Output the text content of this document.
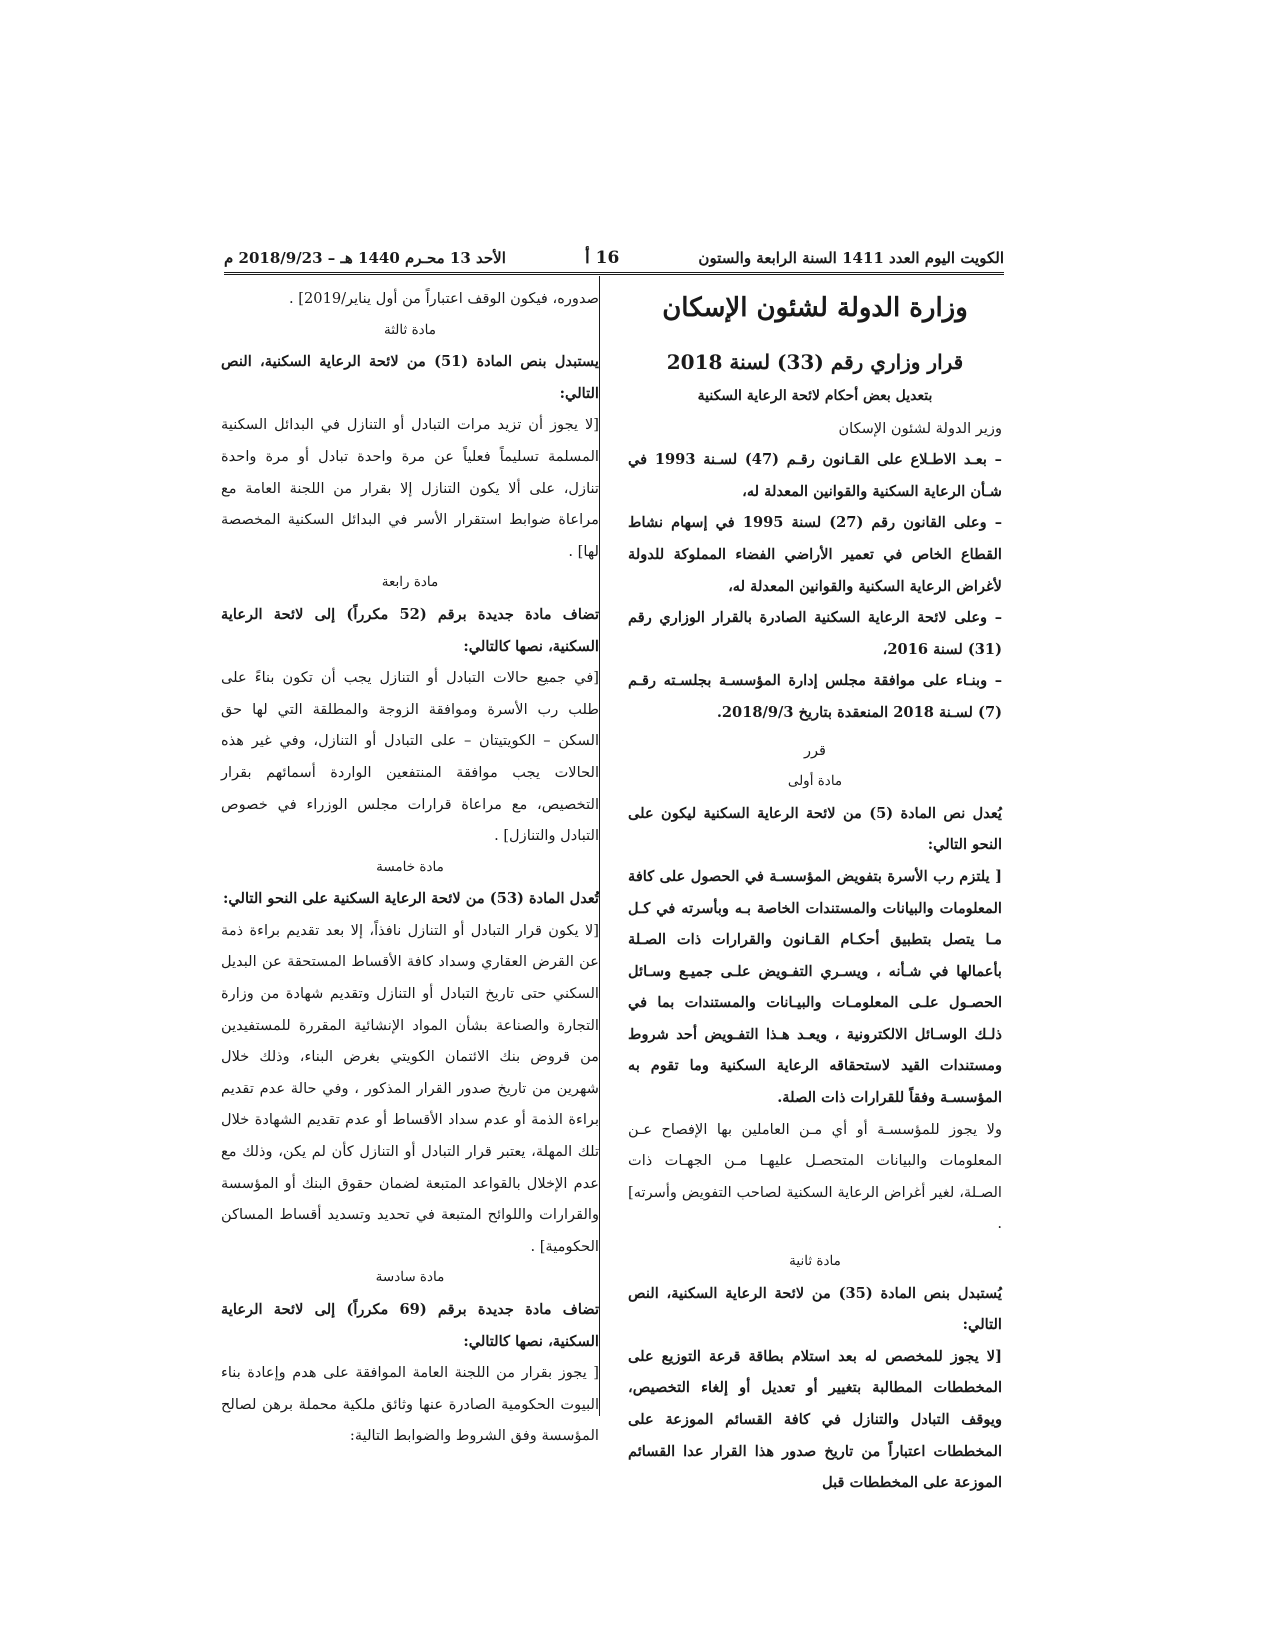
الكويت اليوم العدد 1411 السنة الرابعة والستون
16 أ
الأحد 13 محـرم 1440 هـ – 2018/9/23 م

وزارة الدولة لشئون الإسكان

قرار وزاري رقم (33) لسنة 2018

بتعديل بعض أحكام لائحة الرعاية السكنية

وزير الدولة لشئون الإسكان

– بعـد الاطـلاع على القـانون رقـم (47) لسـنة 1993 في شـأن الرعاية السكنية والقوانين المعدلة له،

– وعلى القانون رقم (27) لسنة 1995 في إسهام نشاط القطاع الخاص في تعمير الأراضي الفضاء المملوكة للدولة لأغراض الرعاية السكنية والقوانين المعدلة له،

– وعلى لائحة الرعاية السكنية الصادرة بالقرار الوزاري رقم (31) لسنة 2016،

– وبنـاء على موافقة مجلس إدارة المؤسسـة بجلسـته رقـم (7) لسـنة 2018 المنعقدة بتاريخ 2018/9/3.

قرر

مادة أولى

يُعدل نص المادة (5) من لائحة الرعاية السكنية ليكون على النحو التالي:

[ يلتزم رب الأسرة بتفويض المؤسسـة في الحصول على كافة المعلومات والبيانات والمستندات الخاصة بـه وبأسرته في كـل مـا يتصل بتطبيق أحكـام القـانون والقرارات ذات الصـلة بأعمالها في شـأنه ، ويسـري التفـويض علـى جميـع وسـائل الحصـول علـى المعلومـات والبيـانات والمستندات بما في ذلـك الوسـائل الالكترونية ، ويعـد هـذا التفـويض أحد شروط ومستندات القيد لاستحقاقه الرعاية السكنية وما تقوم به المؤسسـة وفقاً للقرارات ذات الصلة.

ولا يجوز للمؤسسـة أو أي مـن العاملين بها الإفصاح عـن المعلومات والبيانات المتحصـل عليهـا مـن الجهـات ذات الصـلة، لغير أغراض الرعاية السكنية لصاحب التفويض وأسرته] .

مادة ثانية

يُستبدل بنص المادة (35) من لائحة الرعاية السكنية، النص التالي:

[لا يجوز للمخصص له بعد استلام بطاقة قرعة التوزيع على المخططات المطالبة بتغيير أو تعديل أو إلغاء التخصيص، ويوقف التبادل والتنازل في كافة القسائم الموزعة على المخططات اعتباراً من تاريخ صدور هذا القرار عدا القسائم الموزعة على المخططات قبل

صدوره، فيكون الوقف اعتباراً من أول يناير/2019] .

مادة ثالثة

يستبدل بنص المادة (51) من لائحة الرعاية السكنية، النص التالي:

[لا يجوز أن تزيد مرات التبادل أو التنازل في البدائل السكنية المسلمة تسليماً فعلياً عن مرة واحدة تبادل أو مرة واحدة تنازل، على ألا يكون التنازل إلا بقرار من اللجنة العامة مع مراعاة ضوابط استقرار الأسر في البدائل السكنية المخصصة لها] .

مادة رابعة

تضاف مادة جديدة برقم (52 مكرراً) إلى لائحة الرعاية السكنية، نصها كالتالي:

[في جميع حالات التبادل أو التنازل يجب أن تكون بناءً على طلب رب الأسرة وموافقة الزوجة والمطلقة التي لها حق السكن – الكويتيتان – على التبادل أو التنازل، وفي غير هذه الحالات يجب موافقة المنتفعين الواردة أسمائهم بقرار التخصيص، مع مراعاة قرارات مجلس الوزراء في خصوص التبادل والتنازل] .

مادة خامسة

تُعدل المادة (53) من لائحة الرعاية السكنية على النحو التالي:

[لا يكون قرار التبادل أو التنازل نافذاً، إلا بعد تقديم براءة ذمة عن القرض العقاري وسداد كافة الأقساط المستحقة عن البديل السكني حتى تاريخ التبادل أو التنازل وتقديم شهادة من وزارة التجارة والصناعة بشأن المواد الإنشائية المقررة للمستفيدين من قروض بنك الائتمان الكويتي بغرض البناء، وذلك خلال شهرين من تاريخ صدور القرار المذكور ، وفي حالة عدم تقديم براءة الذمة أو عدم سداد الأقساط أو عدم تقديم الشهادة خلال تلك المهلة، يعتبر قرار التبادل أو التنازل كأن لم يكن، وذلك مع عدم الإخلال بالقواعد المتبعة لضمان حقوق البنك أو المؤسسة والقرارات واللوائح المتبعة في تحديد وتسديد أقساط المساكن الحكومية] .

مادة سادسة

تضاف مادة جديدة برقم (69 مكرراً) إلى لائحة الرعاية السكنية، نصها كالتالي:

[ يجوز بقرار من اللجنة العامة الموافقة على هدم وإعادة بناء البيوت الحكومية الصادرة عنها وثائق ملكية محملة برهن لصالح المؤسسة وفق الشروط والضوابط التالية:
